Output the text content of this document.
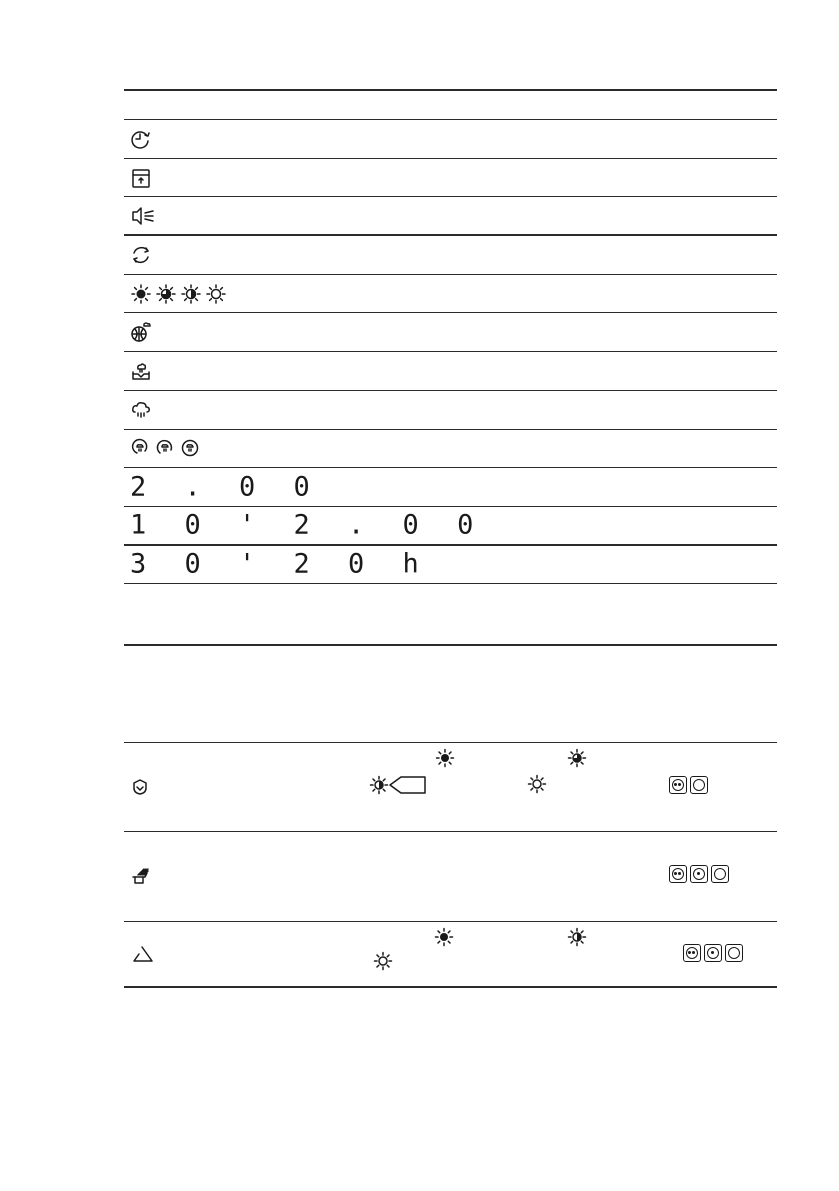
2 . 0 0
1 0 ' 2 . 0 0
3 0 ' 2 0 h
